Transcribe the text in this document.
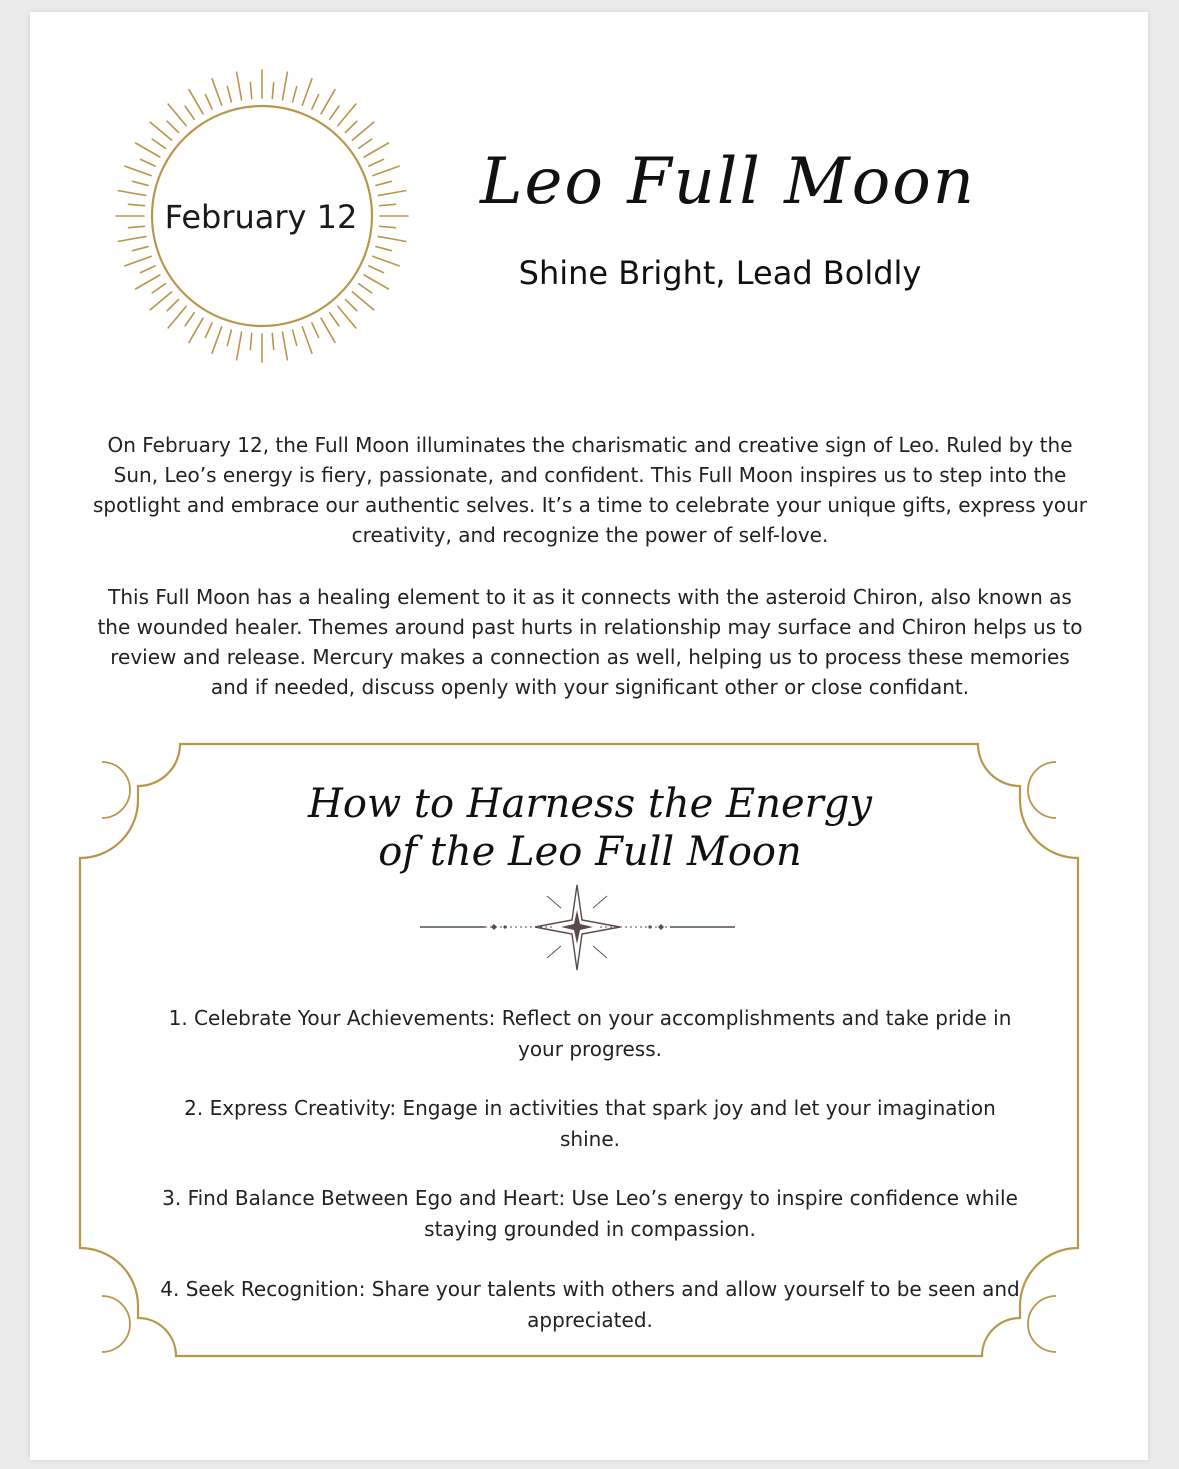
February 12	Leo Full Moon
Shine Bright, Lead Boldly
On February 12, the Full Moon illuminates the charismatic and creative sign of Leo. Ruled by the Sun, Leo’s energy is fiery, passionate, and confident. This Full Moon inspires us to step into the spotlight and embrace our authentic selves. It’s a time to celebrate your unique gifts, express your creativity, and recognize the power of self-love.
This Full Moon has a healing element to it as it connects with the asteroid Chiron, also known as the wounded healer. Themes around past hurts in relationship may surface and Chiron helps us to review and release. Mercury makes a connection as well, helping us to process these memories and if needed, discuss openly with your significant other or close confidant.
How to Harness the Energy
of the Leo Full Moon
1. Celebrate Your Achievements: Reflect on your accomplishments and take pride in your progress.
2. Express Creativity: Engage in activities that spark joy and let your imagination shine.
3. Find Balance Between Ego and Heart: Use Leo’s energy to inspire confidence while staying grounded in compassion.
4. Seek Recognition: Share your talents with others and allow yourself to be seen and appreciated.
